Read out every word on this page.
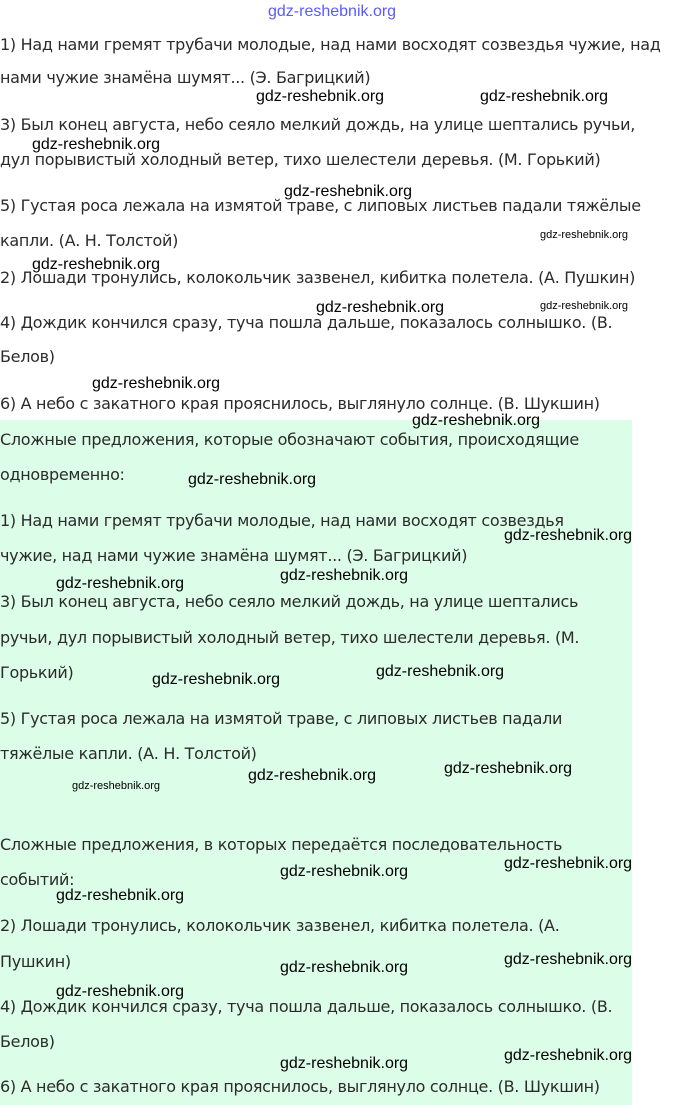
1) Над нами гремят трубачи молодые, над нами восходят созвездья чужие, над

нами чужие знамёна шумят... (Э. Багрицкий)

3) Был конец августа, небо сеяло мелкий дождь, на улице шептались ручьи,

дул порывистый холодный ветер, тихо шелестели деревья. (М. Горький)

5) Густая роса лежала на измятой траве, с липовых листьев падали тяжёлые

капли. (А. Н. Толстой)

2) Лошади тронулись, колокольчик зазвенел, кибитка полетела. (А. Пушкин)

4) Дождик кончился сразу, туча пошла дальше, показалось солнышко. (В.

Белов)

6) А небо с закатного края прояснилось, выглянуло солнце. (В. Шукшин)

Сложные предложения, которые обозначают события, происходящие

одновременно:

1) Над нами гремят трубачи молодые, над нами восходят созвездья

чужие, над нами чужие знамёна шумят... (Э. Багрицкий)

3) Был конец августа, небо сеяло мелкий дождь, на улице шептались

ручьи, дул порывистый холодный ветер, тихо шелестели деревья. (М.

Горький)

5) Густая роса лежала на измятой траве, с липовых листьев падали

тяжёлые капли. (А. Н. Толстой)

Сложные предложения, в которых передаётся последовательность

событий:

2) Лошади тронулись, колокольчик зазвенел, кибитка полетела. (А.

Пушкин)

4) Дождик кончился сразу, туча пошла дальше, показалось солнышко. (В.

Белов)

6) А небо с закатного края прояснилось, выглянуло солнце. (В. Шукшин)

gdz-reshebnik.org
gdz-reshebnik.org	gdz-reshebnik.org
gdz-reshebnik.org
gdz-reshebnik.org
gdz-reshebnik.org
gdz-reshebnik.org
gdz-reshebnik.org	gdz-reshebnik.org
gdz-reshebnik.org
gdz-reshebnik.org
gdz-reshebnik.org
gdz-reshebnik.org
gdz-reshebnik.org
gdz-reshebnik.org
gdz-reshebnik.org
gdz-reshebnik.org
gdz-reshebnik.org
gdz-reshebnik.org
gdz-reshebnik.org
gdz-reshebnik.org
gdz-reshebnik.org
gdz-reshebnik.org
gdz-reshebnik.org
gdz-reshebnik.org
gdz-reshebnik.org
gdz-reshebnik.org
gdz-reshebnik.org
